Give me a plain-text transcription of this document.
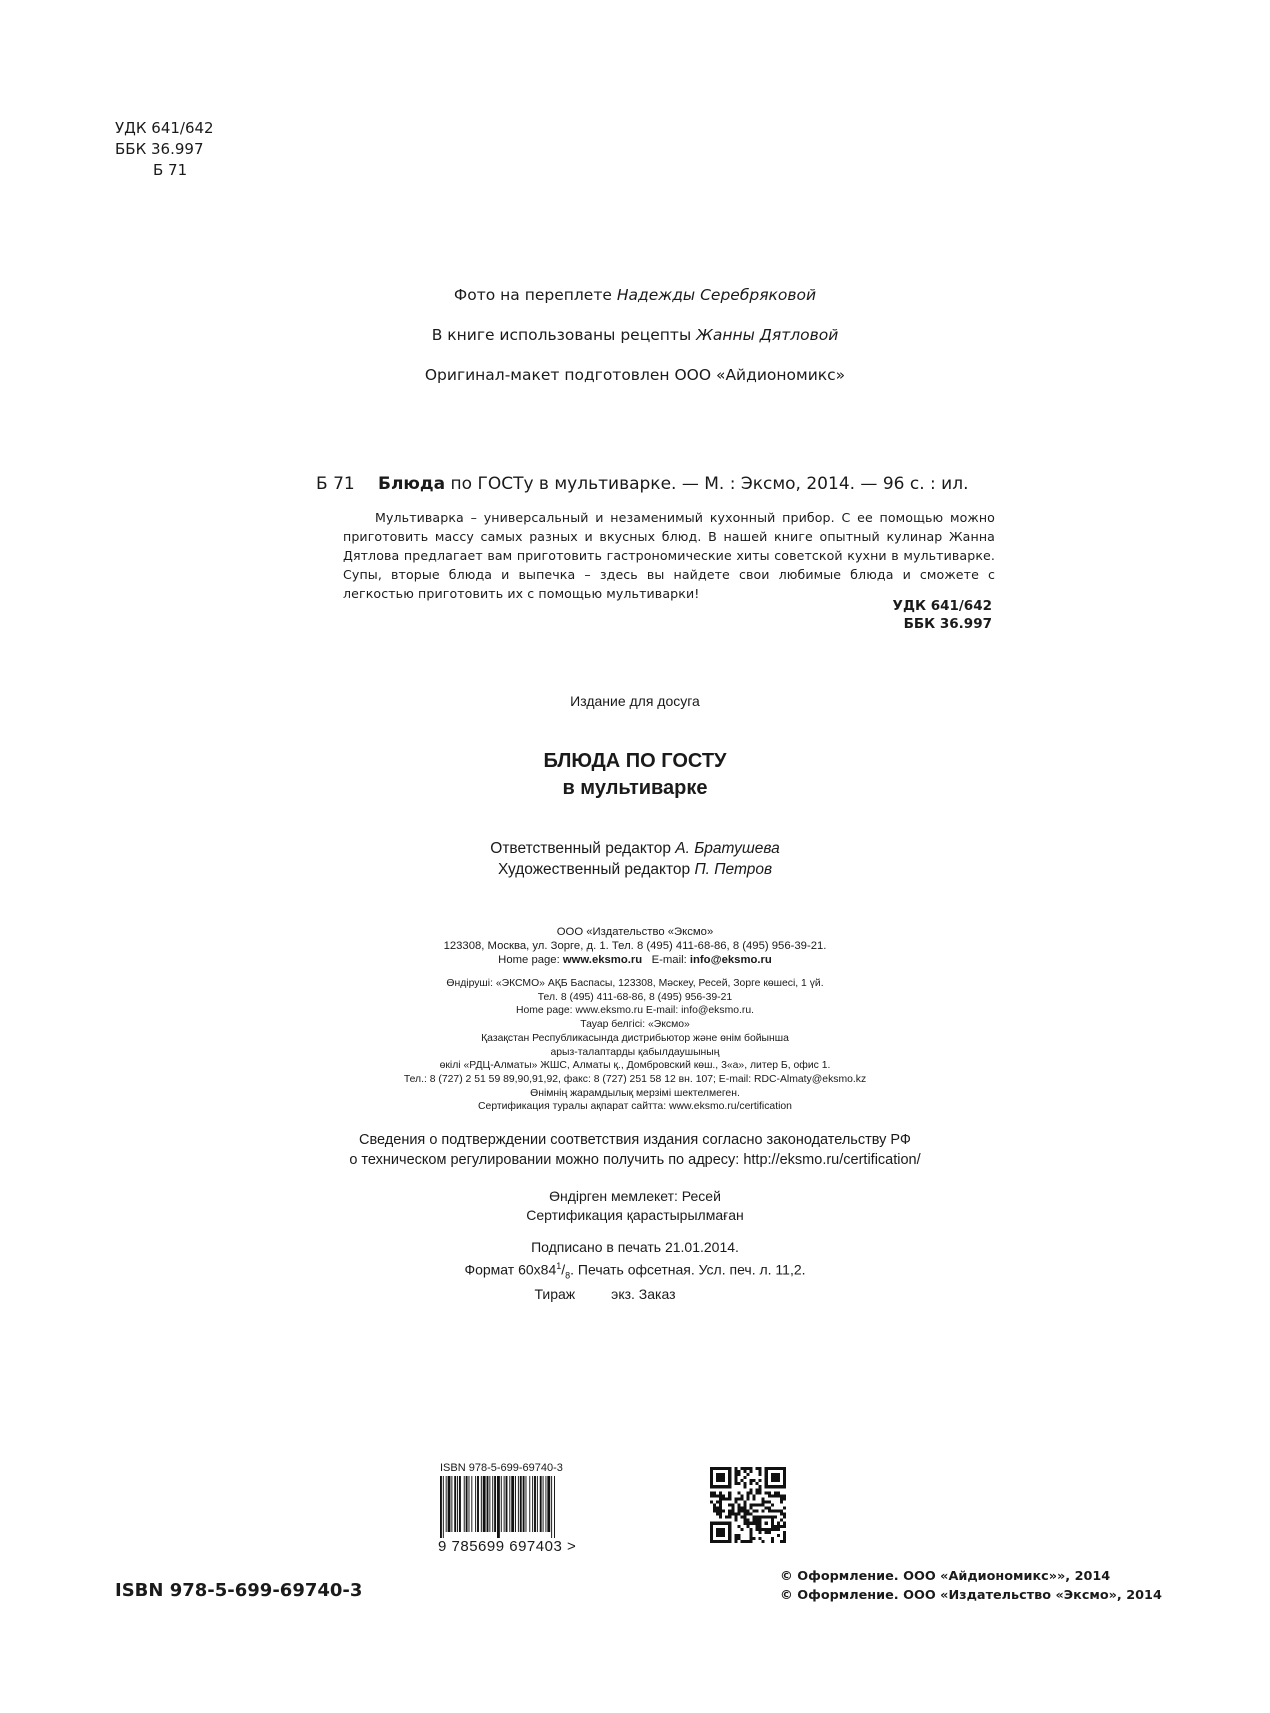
УДК 641/642
ББК 36.997
Б 71
Фото на переплете Надежды Серебряковой
В книге использованы рецепты Жанны Дятловой
Оригинал-макет подготовлен ООО «Айдиономикс»
Б 71 Блюда по ГОСТу в мультиварке. — М. : Эксмо, 2014. — 96 с. : ил.
Мультиварка – универсальный и незаменимый кухонный прибор. С ее помощью можно приготовить массу самых разных и вкусных блюд. В нашей книге опытный кулинар Жанна Дятлова предлагает вам приготовить гастрономические хиты советской кухни в мультиварке. Супы, вторые блюда и выпечка – здесь вы найдете свои любимые блюда и сможете с легкостью приготовить их с помощью мультиварки!
УДК 641/642
ББК 36.997
Издание для досуга
БЛЮДА ПО ГОСТУ
в мультиварке
Ответственный редактор А. Братушева
Художественный редактор П. Петров
ООО «Издательство «Эксмо»
123308, Москва, ул. Зорге, д. 1. Тел. 8 (495) 411-68-86, 8 (495) 956-39-21.
Home page: www.eksmo.ru   E-mail: info@eksmo.ru
Өндіруші: «ЭКСМО» АҚБ Баспасы, 123308, Мәскеу, Ресей, Зорге көшесі, 1 үй.
Тел. 8 (495) 411-68-86, 8 (495) 956-39-21
Home page: www.eksmo.ru E-mail: info@eksmo.ru.
Тауар белгісі: «Эксмо»
Қазақстан Республикасында дистрибьютор және өнім бойынша
арыз-талаптарды қабылдаушының
өкілі «РДЦ-Алматы» ЖШС, Алматы қ., Домбровский көш., 3«а», литер Б, офис 1.
Тел.: 8 (727) 2 51 59 89,90,91,92, факс: 8 (727) 251 58 12 вн. 107; E-mail: RDC-Almaty@eksmo.kz
Өнімнің жарамдылық мерзімі шектелмеген.
Сертификация туралы ақпарат сайтта: www.eksmo.ru/certification
Сведения о подтверждении соответствия издания согласно законодательству РФ
о техническом регулировании можно получить по адресу: http://eksmo.ru/certification/
Өндірген мемлекет: Ресей
Сертификация қарастырылмаған
Подписано в печать 21.01.2014.
Формат $60x84^1/_8$. Печать офсетная. Усл. печ. л. 11,2.
Тираж	экз. Заказ
ISBN 978-5-699-69740-3
9 785699 697403 >
ISBN 978-5-699-69740-3
© Оформление. ООО «Айдиономикс»», 2014
© Оформление. ООО «Издательство «Эксмо», 2014
